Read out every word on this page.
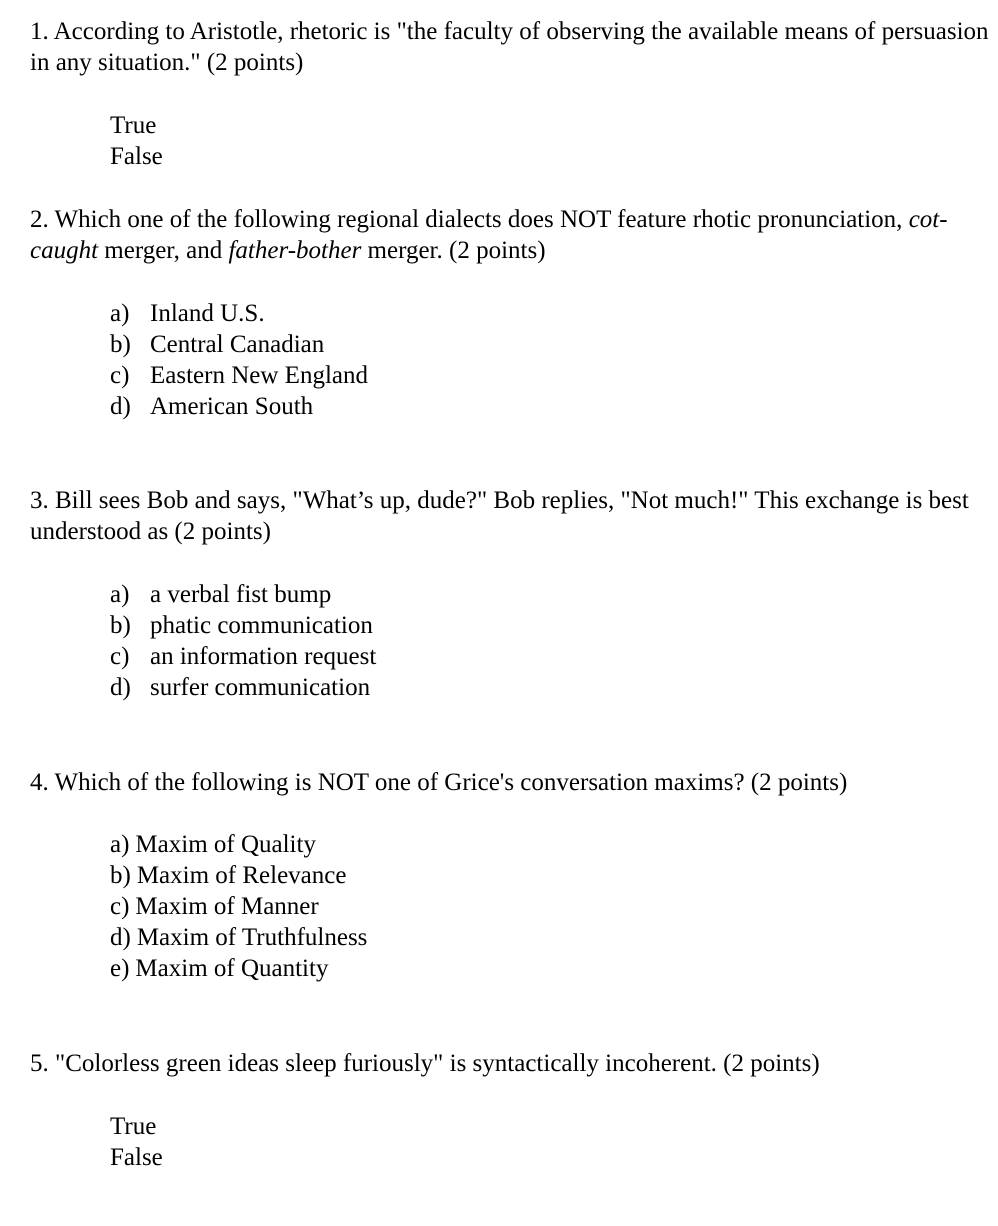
1. According to Aristotle, rhetoric is "the faculty of observing the available means of persuasion in any situation." (2 points)

True
False

2. Which one of the following regional dialects does NOT feature rhotic pronunciation, cot-caught merger, and father-bother merger. (2 points)

a) Inland U.S.
b) Central Canadian
c) Eastern New England
d) American South

3. Bill sees Bob and says, "What’s up, dude?" Bob replies, "Not much!" This exchange is best understood as (2 points)

a) a verbal fist bump
b) phatic communication
c) an information request
d) surfer communication

4. Which of the following is NOT one of Grice's conversation maxims? (2 points)

a) Maxim of Quality
b) Maxim of Relevance
c) Maxim of Manner
d) Maxim of Truthfulness
e) Maxim of Quantity

5. "Colorless green ideas sleep furiously" is syntactically incoherent. (2 points)

True
False
